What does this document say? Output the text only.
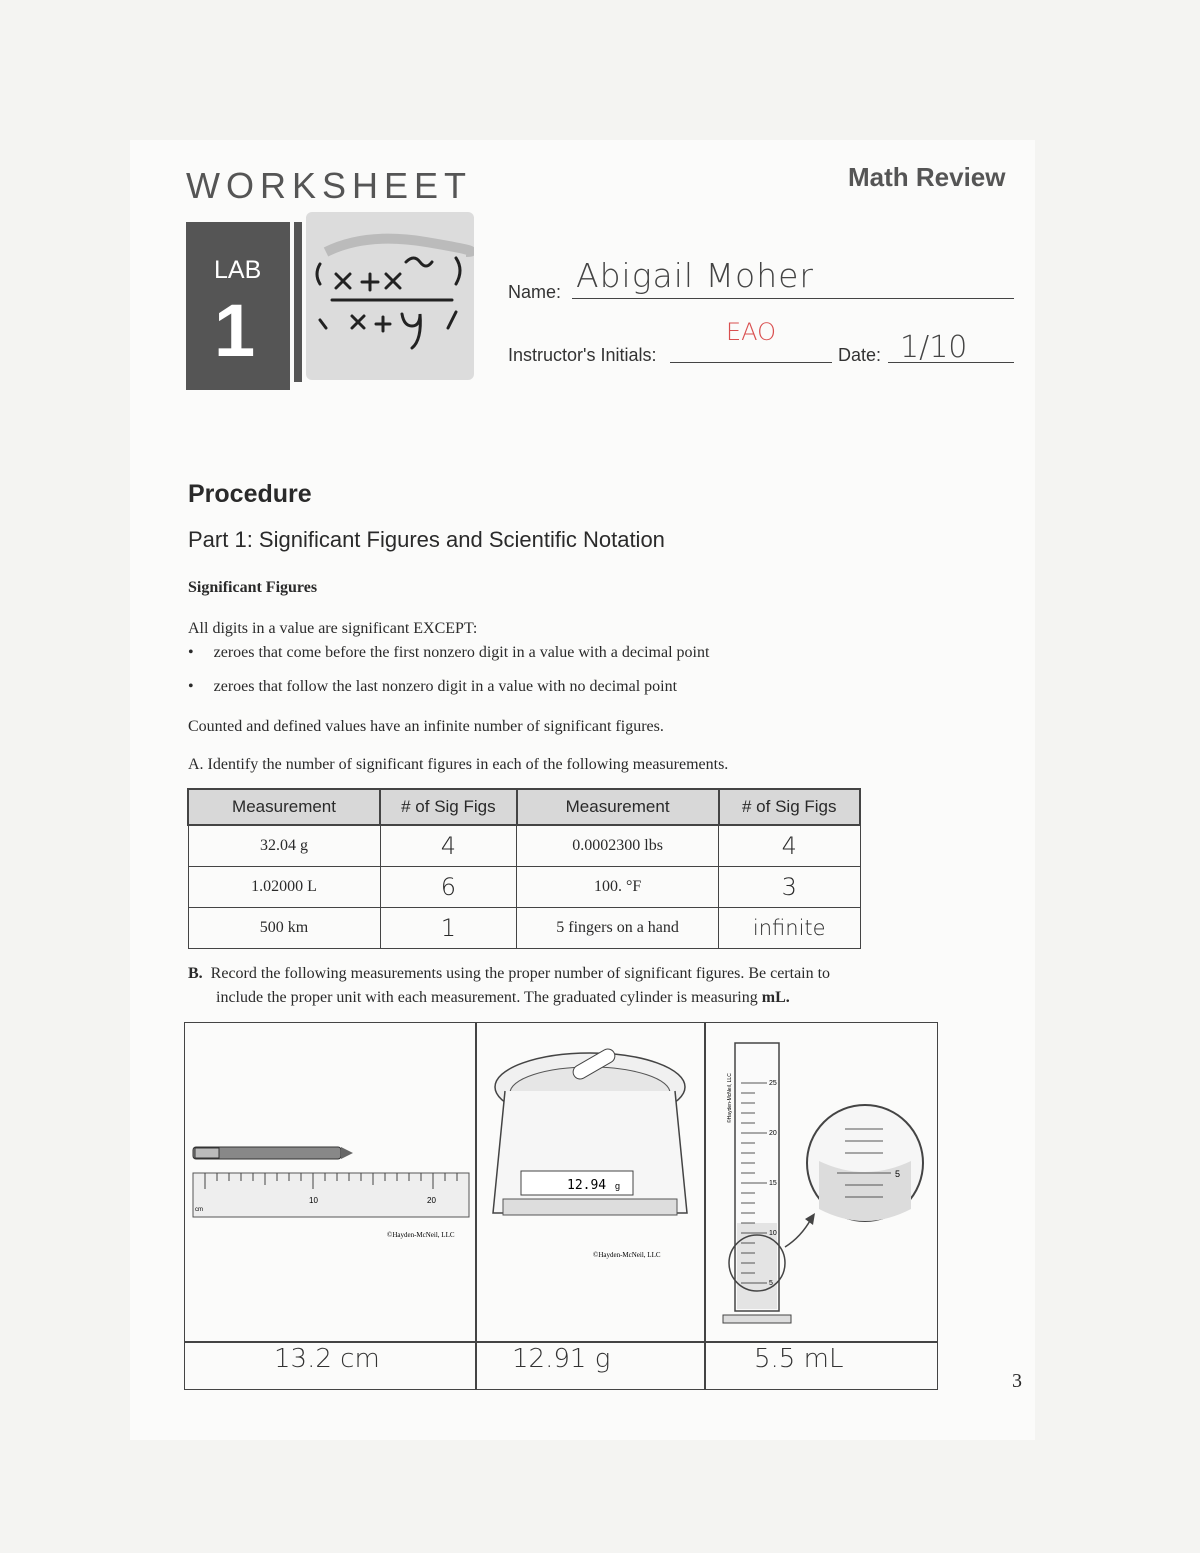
WORKSHEET
LAB
1
Math Review
Name: Abigail Moher
Instructor's Initials:
EAO
Date: 1/10
Procedure
Part 1: Significant Figures and Scientific Notation
Significant Figures
All digits in a value are significant EXCEPT:
•     zeroes that come before the first nonzero digit in a value with a decimal point
•     zeroes that follow the last nonzero digit in a value with no decimal point
Counted and defined values have an infinite number of significant figures.
A. Identify the number of significant figures in each of the following measurements.
Measurement	# of Sig Figs	Measurement	# of Sig Figs
32.04 g	4	0.0002300 lbs	4
1.02000 L	6	100. °F	3
500 km	1	5 fingers on a hand	infinite
B. Record the following measurements using the proper number of significant figures. Be certain to
include the proper unit with each measurement. The graduated cylinder is measuring mL.
10	20
cm
©Hayden-McNeil, LLC
12.94 g
©Hayden-McNeil, LLC
25
20
15
10
5
©Hayden-McNeil, LLC
5
13.2 cm	12.91 g	5.5 mL
3
